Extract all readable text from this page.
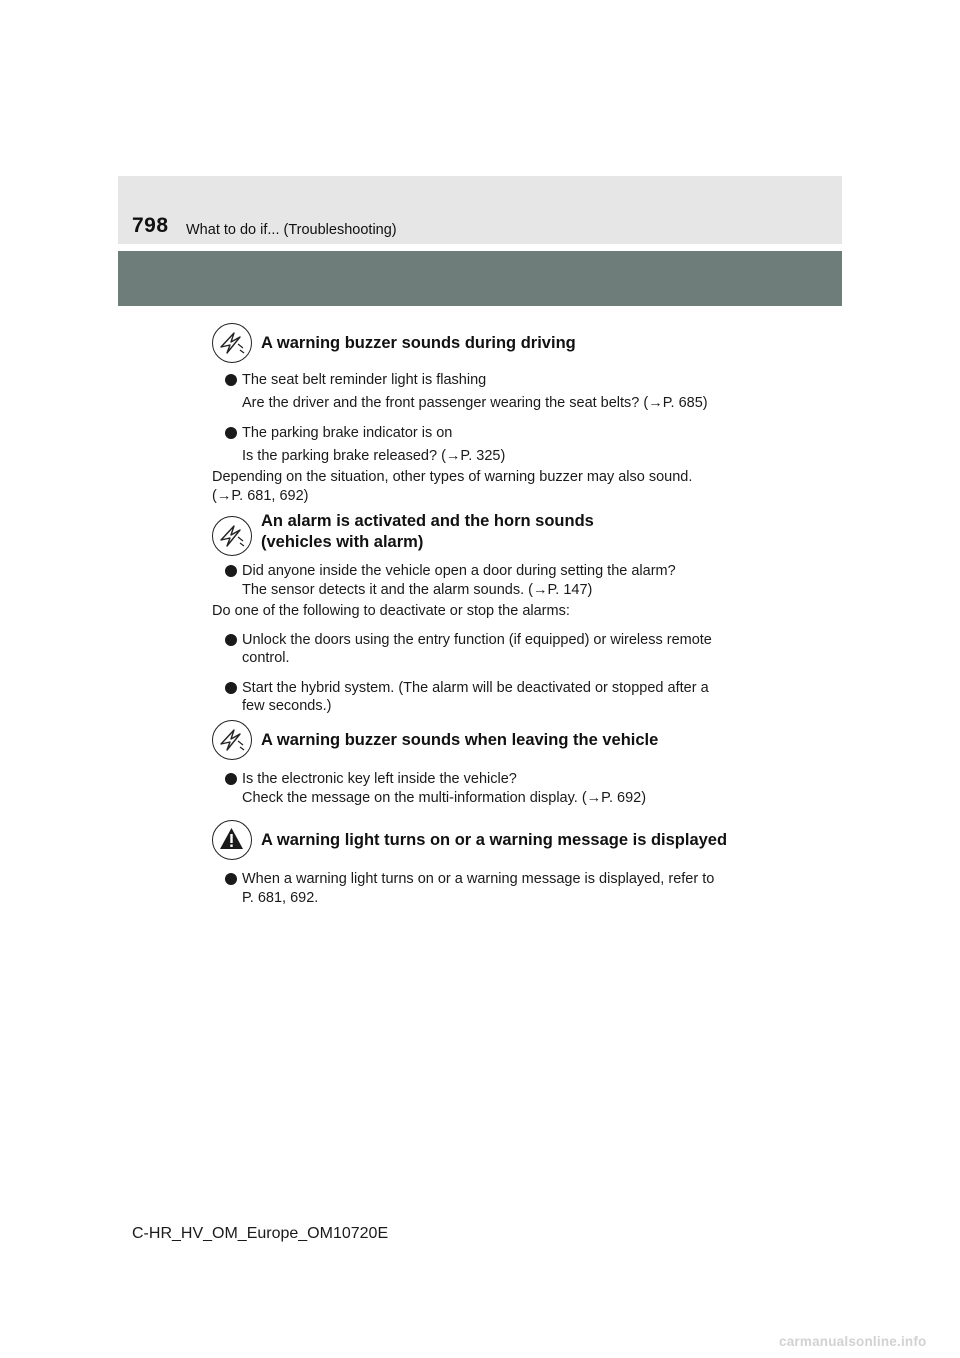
798 What to do if... (Troubleshooting)
A warning buzzer sounds during driving

The seat belt reminder light is flashing

Are the driver and the front passenger wearing the seat belts? (→P. 685)

The parking brake indicator is on

Is the parking brake released? (→P. 325)

Depending on the situation, other types of warning buzzer may also sound.

(→P. 681, 692)

An alarm is activated and the horn sounds
(vehicles with alarm)

Did anyone inside the vehicle open a door during setting the alarm?

The sensor detects it and the alarm sounds. (→P. 147)

Do one of the following to deactivate or stop the alarms:

Unlock the doors using the entry function (if equipped) or wireless remote

control.

Start the hybrid system. (The alarm will be deactivated or stopped after a

few seconds.)

A warning buzzer sounds when leaving the vehicle

Is the electronic key left inside the vehicle?

Check the message on the multi-information display. (→P. 692)

A warning light turns on or a warning message is displayed

When a warning light turns on or a warning message is displayed, refer to

P. 681, 692.

C-HR_HV_OM_Europe_OM10720E
carmanualsonline.info
